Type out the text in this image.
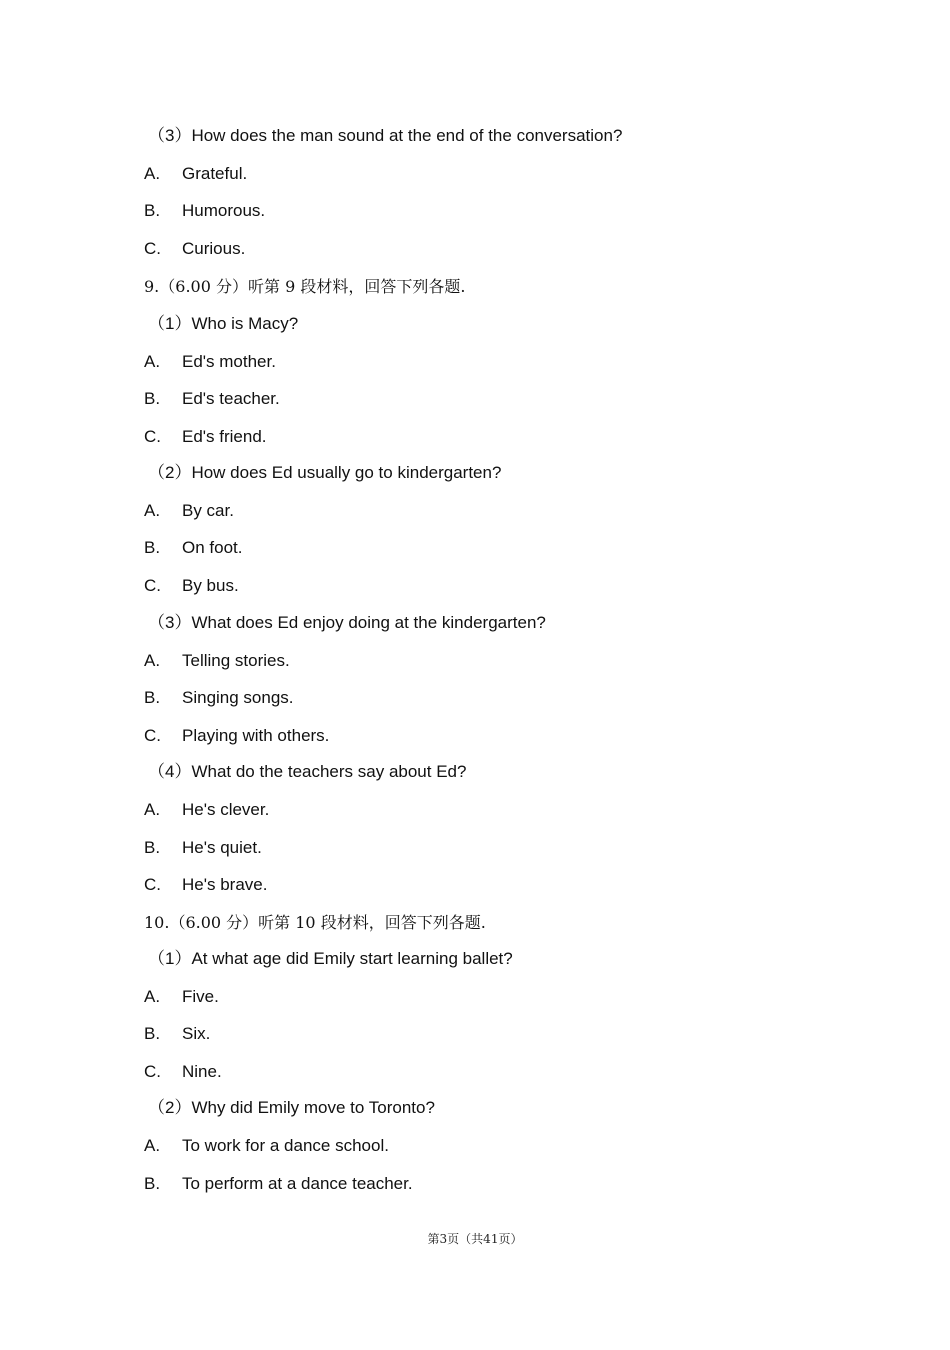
（3）How does the man sound at the end of the conversation?
A. Grateful.
B. Humorous.
C. Curious.
9.（6.00 分）听第 9 段材料，回答下列各题.
（1）Who is Macy?
A. Ed's mother.
B. Ed's teacher.
C. Ed's friend.
（2）How does Ed usually go to kindergarten?
A. By car.
B. On foot.
C. By bus.
（3）What does Ed enjoy doing at the kindergarten?
A. Telling stories.
B. Singing songs.
C. Playing with others.
（4）What do the teachers say about Ed?
A. He's clever.
B. He's quiet.
C. He's brave.
10.（6.00 分）听第 10 段材料，回答下列各题.
（1）At what age did Emily start learning ballet?
A. Five.
B. Six.
C. Nine.
（2）Why did Emily move to Toronto?
A. To work for a dance school.
B. To perform at a dance teacher.
第3页（共41页）
